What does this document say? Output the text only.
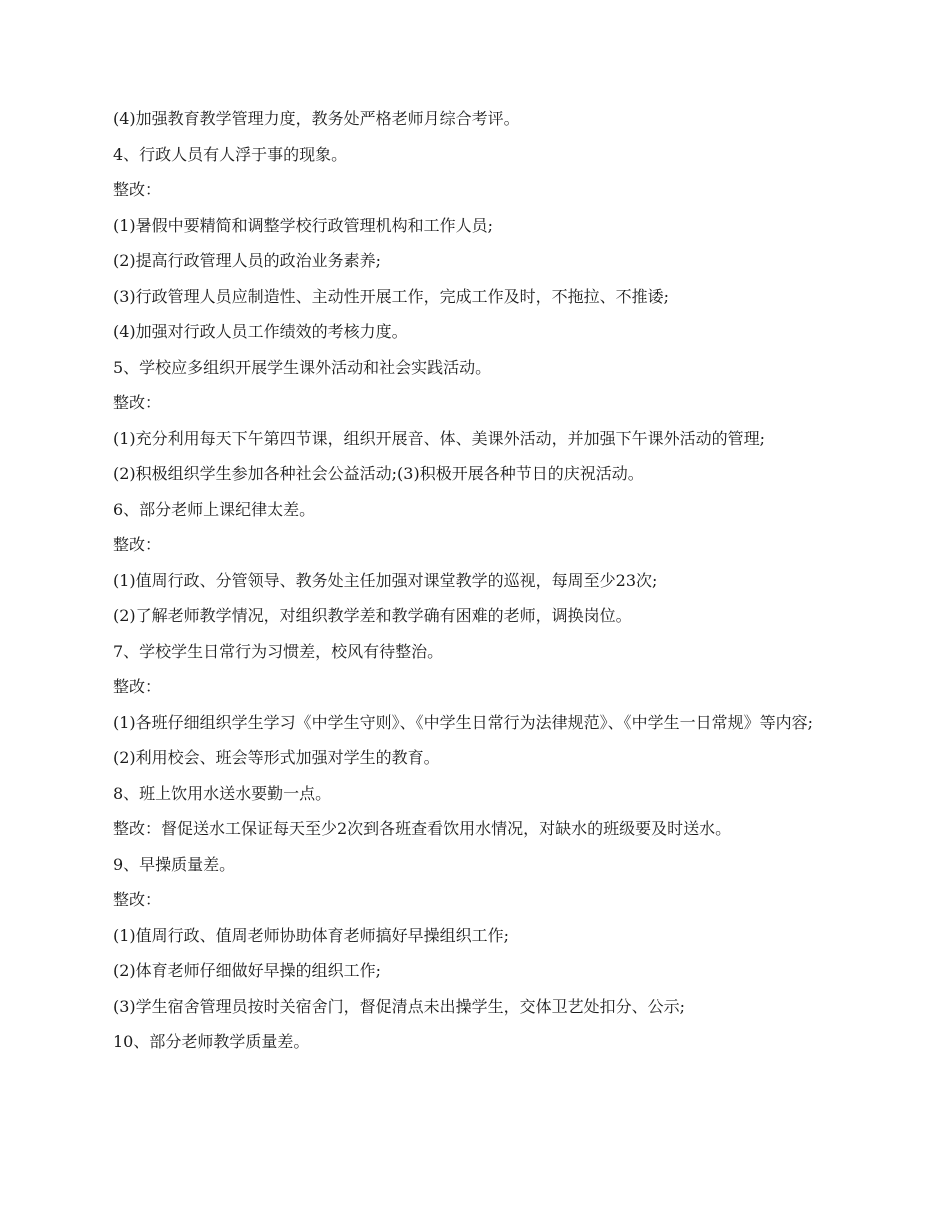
(4)加强教育教学管理力度，教务处严格老师月综合考评。

4、行政人员有人浮于事的现象。

整改：

(1)暑假中要精简和调整学校行政管理机构和工作人员;

(2)提高行政管理人员的政治业务素养;

(3)行政管理人员应制造性、主动性开展工作，完成工作及时，不拖拉、不推诿;

(4)加强对行政人员工作绩效的考核力度。

5、学校应多组织开展学生课外活动和社会实践活动。

整改：

(1)充分利用每天下午第四节课，组织开展音、体、美课外活动，并加强下午课外活动的管理;

(2)积极组织学生参加各种社会公益活动;(3)积极开展各种节日的庆祝活动。

6、部分老师上课纪律太差。

整改：

(1)值周行政、分管领导、教务处主任加强对课堂教学的巡视，每周至少23次;

(2)了解老师教学情况，对组织教学差和教学确有困难的老师，调换岗位。

7、学校学生日常行为习惯差，校风有待整治。

整改：

(1)各班仔细组织学生学习《中学生守则》、《中学生日常行为法律规范》、《中学生一日常规》等内容;

(2)利用校会、班会等形式加强对学生的教育。

8、班上饮用水送水要勤一点。

整改：督促送水工保证每天至少2次到各班查看饮用水情况，对缺水的班级要及时送水。

9、早操质量差。

整改：

(1)值周行政、值周老师协助体育老师搞好早操组织工作;

(2)体育老师仔细做好早操的组织工作;

(3)学生宿舍管理员按时关宿舍门，督促清点未出操学生，交体卫艺处扣分、公示;

10、部分老师教学质量差。
